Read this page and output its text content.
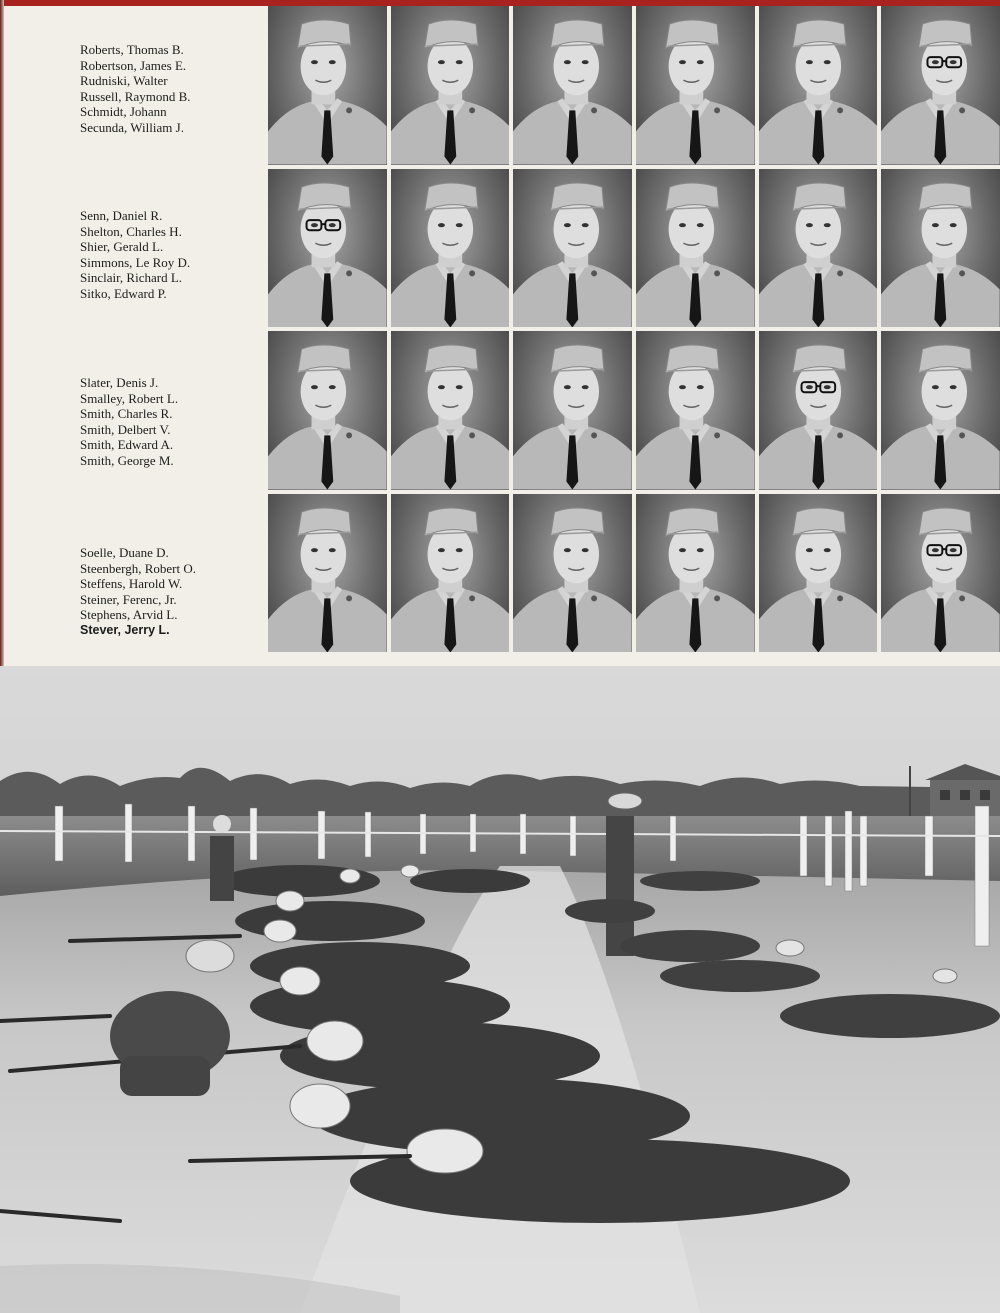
Roberts, Thomas B.
Robertson, James E.
Rudniski, Walter
Russell, Raymond B.
Schmidt, Johann
Secunda, William J.
Senn, Daniel R.
Shelton, Charles H.
Shier, Gerald L.
Simmons, Le Roy D.
Sinclair, Richard L.
Sitko, Edward P.
Slater, Denis J.
Smalley, Robert L.
Smith, Charles R.
Smith, Delbert V.
Smith, Edward A.
Smith, George M.
Soelle, Duane D.
Steenbergh, Robert O.
Steffens, Harold W.
Steiner, Ferenc, Jr.
Stephens, Arvid L.
Stever, Jerry L.
